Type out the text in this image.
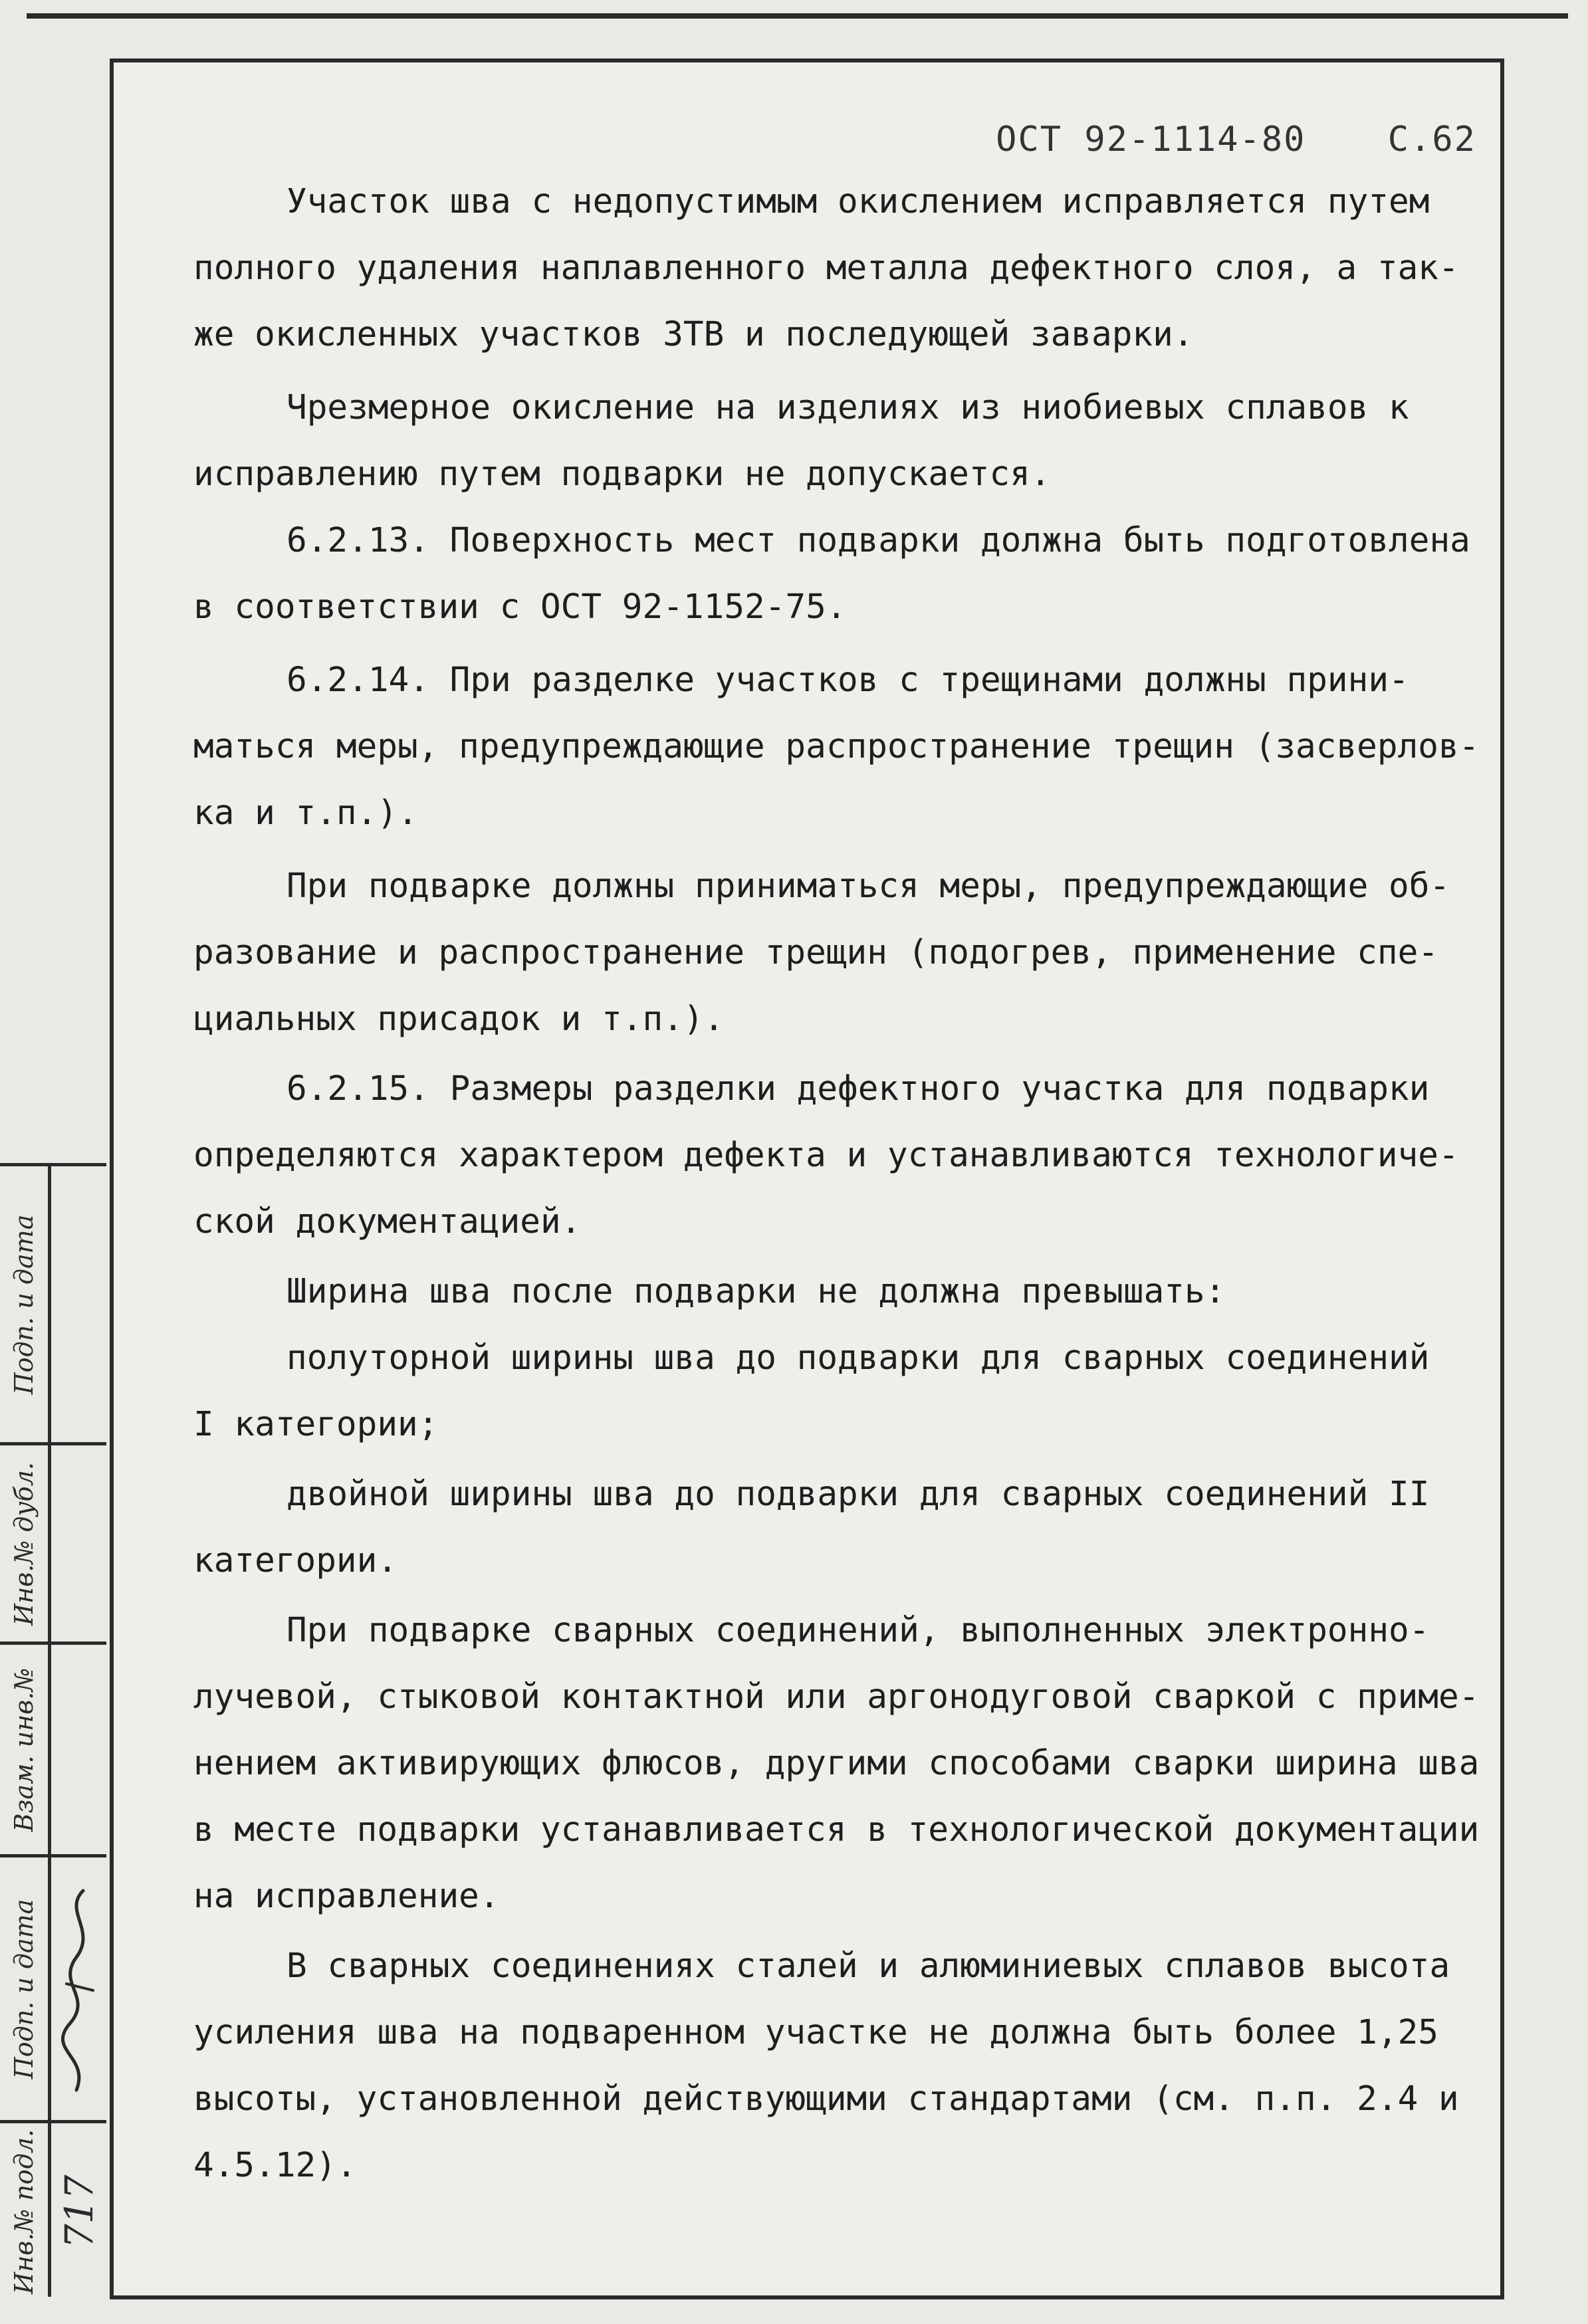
ОСТ 92-1114-80 С.62
Участок шва с недопустимым окислением исправляется путем
полного удаления наплавленного металла дефектного слоя, а так-
же окисленных участков ЗТВ и последующей заварки.
Чрезмерное окисление на изделиях из ниобиевых сплавов к
исправлению путем подварки не допускается.
6.2.13. Поверхность мест подварки должна быть подготовлена
в соответствии с ОСТ 92-1152-75.
6.2.14. При разделке участков с трещинами должны прини-
маться меры, предупреждающие распространение трещин (засверлов-
ка и т.п.).
При подварке должны приниматься меры, предупреждающие об-
разование и распространение трещин (подогрев, применение спе-
циальных присадок и т.п.).
6.2.15. Размеры разделки дефектного участка для подварки
определяются характером дефекта и устанавливаются технологиче-
ской документацией.
Ширина шва после подварки не должна превышать:
полуторной ширины шва до подварки для сварных соединений
I категории;
двойной ширины шва до подварки для сварных соединений II
категории.
При подварке сварных соединений, выполненных электронно-
лучевой, стыковой контактной или аргонодуговой сваркой с приме-
нением активирующих флюсов, другими способами сварки ширина шва
в месте подварки устанавливается в технологической документации
на исправление.
В сварных соединениях сталей и алюминиевых сплавов высота
усиления шва на подваренном участке не должна быть более 1,25
высоты, установленной действующими стандартами (см. п.п. 2.4 и
4.5.12).
Подп. и дата
Инв.№ дубл.
Взам. инв.№
Подп. и дата
Инв.№ подл. 717
